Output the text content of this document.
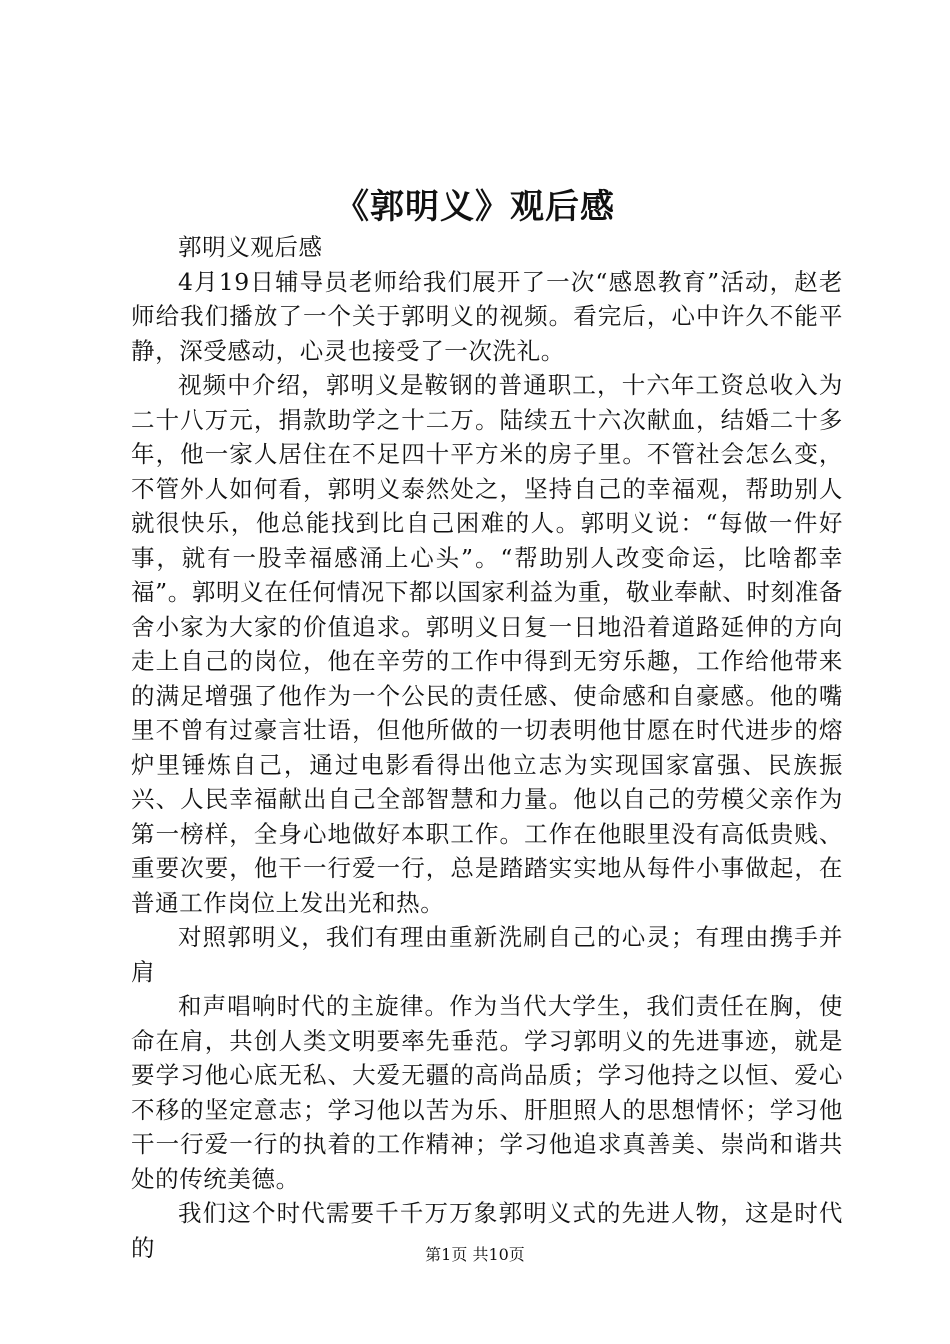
《郭明义》观后感

郭明义观后感

4月19日辅导员老师给我们展开了一次“感恩教育”活动，赵老师给我们播放了一个关于郭明义的视频。看完后，心中许久不能平静，深受感动，心灵也接受了一次洗礼。

视频中介绍，郭明义是鞍钢的普通职工，十六年工资总收入为二十八万元，捐款助学之十二万。陆续五十六次献血，结婚二十多年，他一家人居住在不足四十平方米的房子里。不管社会怎么变，不管外人如何看，郭明义泰然处之，坚持自己的幸福观，帮助别人就很快乐，他总能找到比自己困难的人。郭明义说：“每做一件好事，就有一股幸福感涌上心头”。“帮助别人改变命运，比啥都幸福”。郭明义在任何情况下都以国家利益为重，敬业奉献、时刻准备舍小家为大家的价值追求。郭明义日复一日地沿着道路延伸的方向走上自己的岗位，他在辛劳的工作中得到无穷乐趣，工作给他带来的满足增强了他作为一个公民的责任感、使命感和自豪感。他的嘴里不曾有过豪言壮语，但他所做的一切表明他甘愿在时代进步的熔炉里锤炼自己，通过电影看得出他立志为实现国家富强、民族振兴、人民幸福献出自己全部智慧和力量。他以自己的劳模父亲作为第一榜样，全身心地做好本职工作。工作在他眼里没有高低贵贱、重要次要，他干一行爱一行，总是踏踏实实地从每件小事做起，在普通工作岗位上发出光和热。

对照郭明义，我们有理由重新洗刷自己的心灵；有理由携手并肩

和声唱响时代的主旋律。作为当代大学生，我们责任在胸，使命在肩，共创人类文明要率先垂范。学习郭明义的先进事迹，就是要学习他心底无私、大爱无疆的高尚品质；学习他持之以恒、爱心不移的坚定意志；学习他以苦为乐、肝胆照人的思想情怀；学习他干一行爱一行的执着的工作精神；学习他追求真善美、崇尚和谐共处的传统美德。

我们这个时代需要千千万万象郭明义式的先进人物，这是时代的	第1页 共10页
